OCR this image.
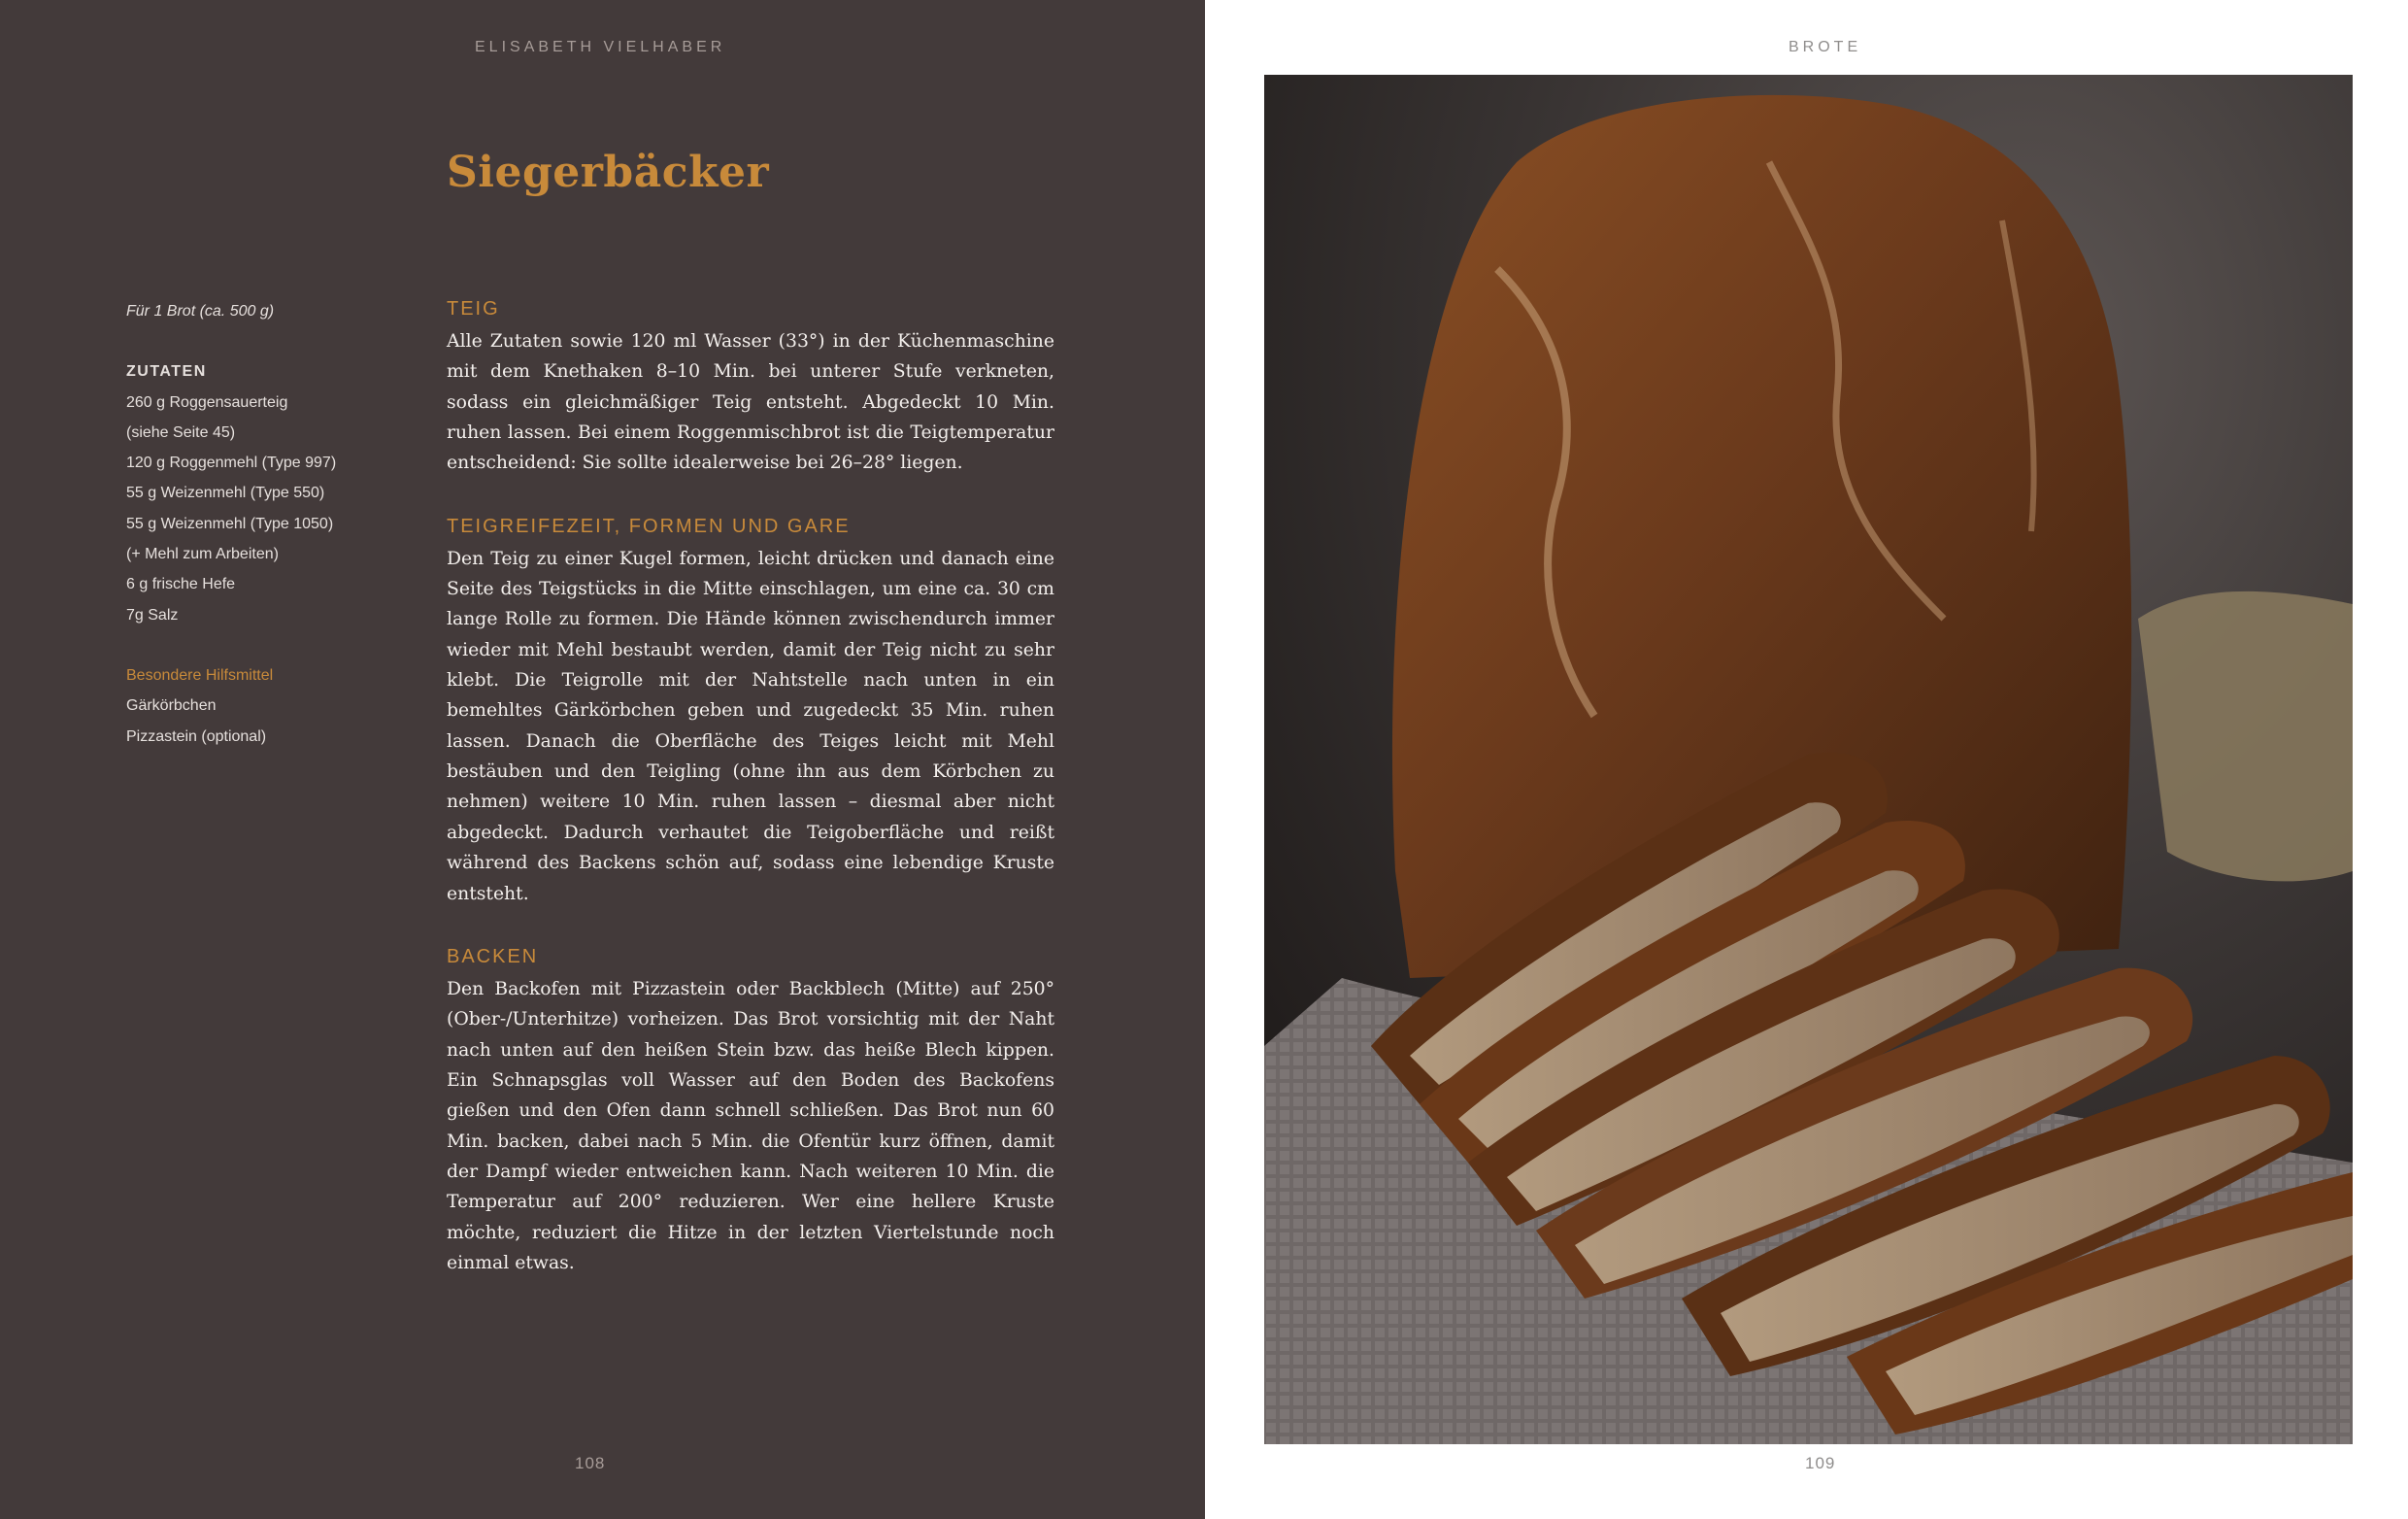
ELISABETH VIELHABER
Siegerbäcker
Für 1 Brot (ca. 500 g)
ZUTATEN
260 g Roggensauerteig
(siehe Seite 45)
120 g Roggenmehl (Type 997)
55 g Weizenmehl (Type 550)
55 g Weizenmehl (Type 1050)
(+ Mehl zum Arbeiten)
6 g frische Hefe
7g Salz
Besondere Hilfsmittel
Gärkörbchen
Pizzastein (optional)
TEIG

Alle Zutaten sowie 120 ml Wasser (33°) in der Küchenmaschine mit dem Knethaken 8–10 Min. bei unterer Stufe verkneten, sodass ein gleichmäßiger Teig entsteht. Abgedeckt 10 Min. ruhen lassen. Bei einem Roggenmischbrot ist die Teigtemperatur entscheidend: Sie sollte idealerweise bei 26–28° liegen.

TEIGREIFEZEIT, FORMEN UND GARE

Den Teig zu einer Kugel formen, leicht drücken und danach eine Seite des Teigstücks in die Mitte einschlagen, um eine ca. 30 cm lange Rolle zu formen. Die Hände können zwischendurch immer wieder mit Mehl bestaubt werden, damit der Teig nicht zu sehr klebt. Die Teigrolle mit der Nahtstelle nach unten in ein bemehltes Gärkörbchen geben und zugedeckt 35 Min. ruhen lassen. Danach die Oberfläche des Teiges leicht mit Mehl bestäuben und den Teigling (ohne ihn aus dem Körbchen zu nehmen) weitere 10 Min. ruhen lassen – diesmal aber nicht abgedeckt. Dadurch verhautet die Teigoberfläche und reißt während des Backens schön auf, sodass eine lebendige Kruste entsteht.

BACKEN

Den Backofen mit Pizzastein oder Backblech (Mitte) auf 250° (Ober-/Unterhitze) vorheizen. Das Brot vorsichtig mit der Naht nach unten auf den heißen Stein bzw. das heiße Blech kippen. Ein Schnapsglas voll Wasser auf den Boden des Backofens gießen und den Ofen dann schnell schließen. Das Brot nun 60 Min. backen, dabei nach 5 Min. die Ofentür kurz öffnen, damit der Dampf wieder entweichen kann. Nach weiteren 10 Min. die Temperatur auf 200° reduzieren. Wer eine hellere Kruste möchte, reduziert die Hitze in der letzten Viertelstunde noch einmal etwas.

108
BROTE
109
